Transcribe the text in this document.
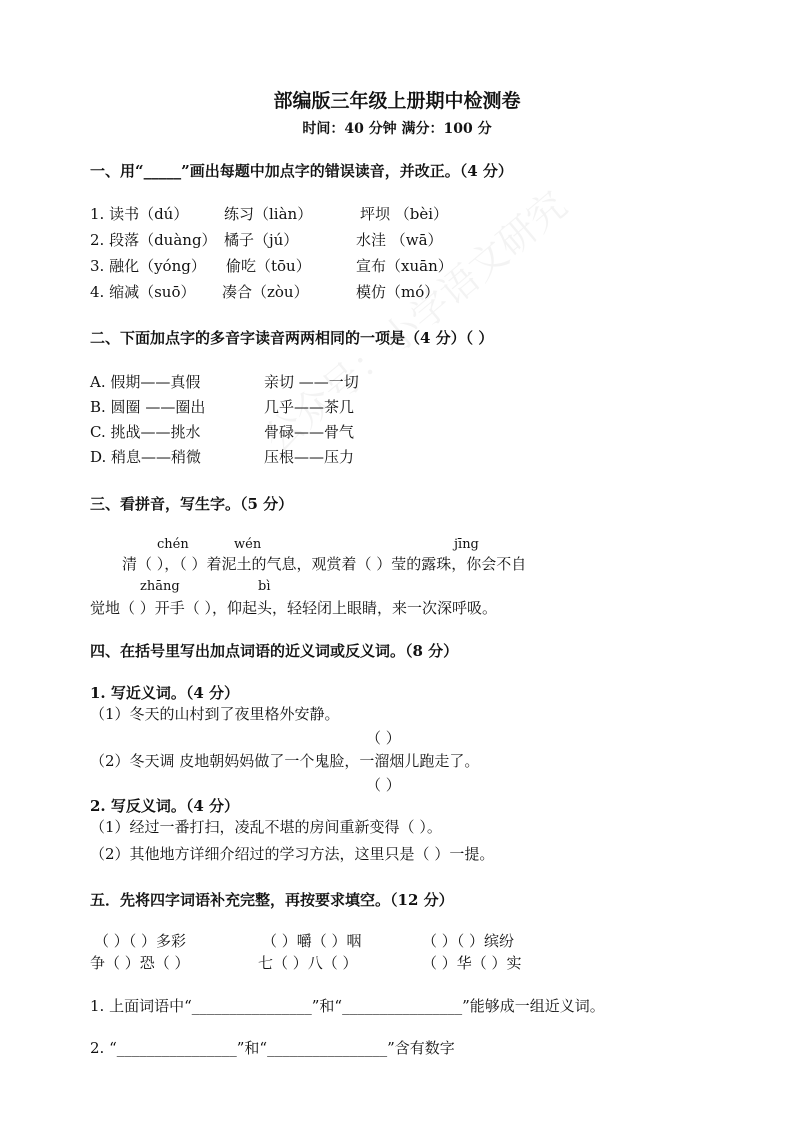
部编版三年级上册期中检测卷
时间：40 分钟 满分：100 分
一、用“_____”画出每题中加点字的错误读音，并改正。（4 分）
1. 读书（dú） 练习（liàn）	坪坝 （bèi）
2. 段落（duàng） 橘子（jú）	水洼 （wā）
3. 融化（yóng） 偷吃（tōu）	宣布（xuān）
4. 缩减（suō） 凑合（zòu）	模仿（mó）
二、下面加点字的多音字读音两两相同的一项是（4 分）（ ）
A. 假期——真假	亲切 ——一切
B. 圆圈 ——圈出	几乎——茶几
C. 挑战——挑水	骨碌——骨气
D. 稍息——稍微	压根——压力
三、看拼音，写生字。（5 分）
chén	wén	jīng
清（ ），（ ）着泥土的气息，观赏着（ ）莹的露珠，你会不自
zhāng	bì
觉地（ ）开手（ ），仰起头，轻轻闭上眼睛，来一次深呼吸。
四、在括号里写出加点词语的近义词或反义词。（8 分）
1. 写近义词。（4 分）
（1）冬天的山村到了夜里格外安静。
（ ）
（2）冬天调 皮地朝妈妈做了一个鬼脸，一溜烟儿跑走了。
（ ）
2. 写反义词。（4 分）
（1）经过一番打扫，凌乱不堪的房间重新变得（ ）。
（2）其他地方详细介绍过的学习方法，这里只是（ ）一提。
五．先将四字词语补充完整，再按要求填空。（12 分）
（ ）（ ）多彩	（ ）嚼（ ）咽	（ ）（ ）缤纷
争（ ）恐（ ）	七（ ）八（ ）	（ ）华（ ）实
1. 上面词语中“________________”和“________________”能够成一组近义词。
2. “________________”和“________________”含有数字
